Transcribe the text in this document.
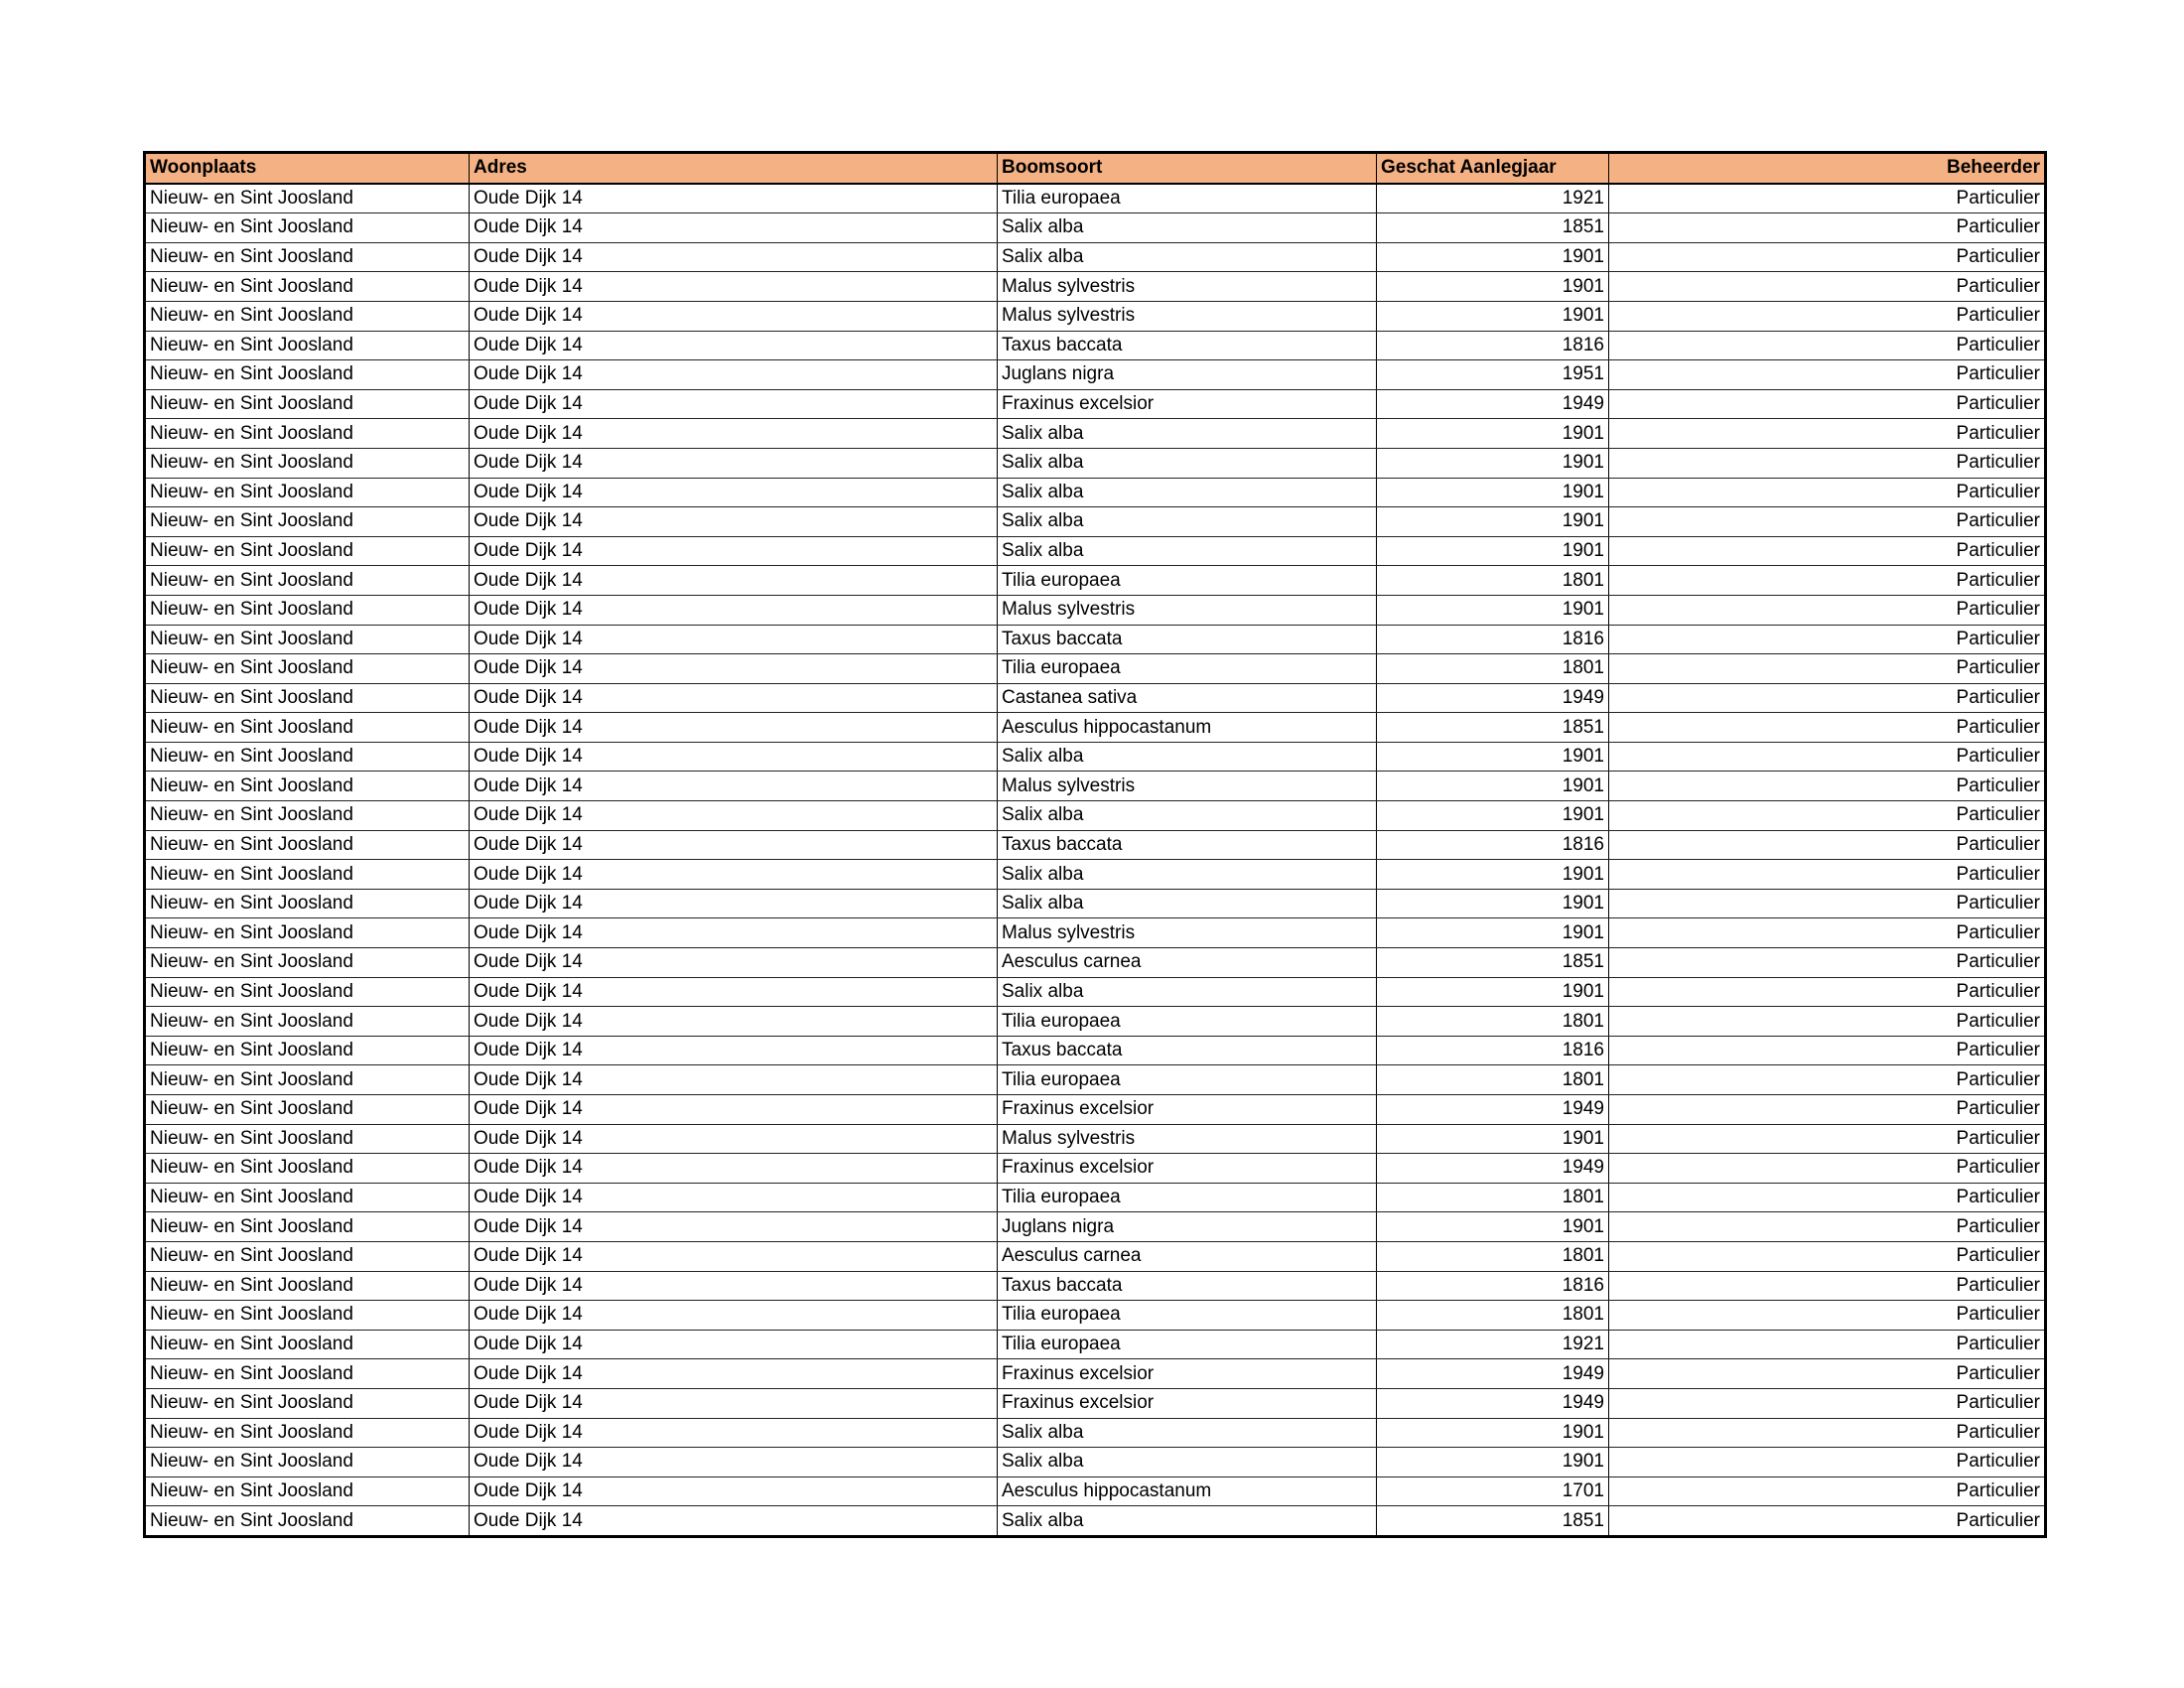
Woonplaats	Adres	Boomsoort	Geschat Aanlegjaar	Beheerder
Nieuw- en Sint Joosland	Oude Dijk 14	Tilia europaea	1921	Particulier
Nieuw- en Sint Joosland	Oude Dijk 14	Salix alba	1851	Particulier
Nieuw- en Sint Joosland	Oude Dijk 14	Salix alba	1901	Particulier
Nieuw- en Sint Joosland	Oude Dijk 14	Malus sylvestris	1901	Particulier
Nieuw- en Sint Joosland	Oude Dijk 14	Malus sylvestris	1901	Particulier
Nieuw- en Sint Joosland	Oude Dijk 14	Taxus baccata	1816	Particulier
Nieuw- en Sint Joosland	Oude Dijk 14	Juglans nigra	1951	Particulier
Nieuw- en Sint Joosland	Oude Dijk 14	Fraxinus excelsior	1949	Particulier
Nieuw- en Sint Joosland	Oude Dijk 14	Salix alba	1901	Particulier
Nieuw- en Sint Joosland	Oude Dijk 14	Salix alba	1901	Particulier
Nieuw- en Sint Joosland	Oude Dijk 14	Salix alba	1901	Particulier
Nieuw- en Sint Joosland	Oude Dijk 14	Salix alba	1901	Particulier
Nieuw- en Sint Joosland	Oude Dijk 14	Salix alba	1901	Particulier
Nieuw- en Sint Joosland	Oude Dijk 14	Tilia europaea	1801	Particulier
Nieuw- en Sint Joosland	Oude Dijk 14	Malus sylvestris	1901	Particulier
Nieuw- en Sint Joosland	Oude Dijk 14	Taxus baccata	1816	Particulier
Nieuw- en Sint Joosland	Oude Dijk 14	Tilia europaea	1801	Particulier
Nieuw- en Sint Joosland	Oude Dijk 14	Castanea sativa	1949	Particulier
Nieuw- en Sint Joosland	Oude Dijk 14	Aesculus hippocastanum	1851	Particulier
Nieuw- en Sint Joosland	Oude Dijk 14	Salix alba	1901	Particulier
Nieuw- en Sint Joosland	Oude Dijk 14	Malus sylvestris	1901	Particulier
Nieuw- en Sint Joosland	Oude Dijk 14	Salix alba	1901	Particulier
Nieuw- en Sint Joosland	Oude Dijk 14	Taxus baccata	1816	Particulier
Nieuw- en Sint Joosland	Oude Dijk 14	Salix alba	1901	Particulier
Nieuw- en Sint Joosland	Oude Dijk 14	Salix alba	1901	Particulier
Nieuw- en Sint Joosland	Oude Dijk 14	Malus sylvestris	1901	Particulier
Nieuw- en Sint Joosland	Oude Dijk 14	Aesculus carnea	1851	Particulier
Nieuw- en Sint Joosland	Oude Dijk 14	Salix alba	1901	Particulier
Nieuw- en Sint Joosland	Oude Dijk 14	Tilia europaea	1801	Particulier
Nieuw- en Sint Joosland	Oude Dijk 14	Taxus baccata	1816	Particulier
Nieuw- en Sint Joosland	Oude Dijk 14	Tilia europaea	1801	Particulier
Nieuw- en Sint Joosland	Oude Dijk 14	Fraxinus excelsior	1949	Particulier
Nieuw- en Sint Joosland	Oude Dijk 14	Malus sylvestris	1901	Particulier
Nieuw- en Sint Joosland	Oude Dijk 14	Fraxinus excelsior	1949	Particulier
Nieuw- en Sint Joosland	Oude Dijk 14	Tilia europaea	1801	Particulier
Nieuw- en Sint Joosland	Oude Dijk 14	Juglans nigra	1901	Particulier
Nieuw- en Sint Joosland	Oude Dijk 14	Aesculus carnea	1801	Particulier
Nieuw- en Sint Joosland	Oude Dijk 14	Taxus baccata	1816	Particulier
Nieuw- en Sint Joosland	Oude Dijk 14	Tilia europaea	1801	Particulier
Nieuw- en Sint Joosland	Oude Dijk 14	Tilia europaea	1921	Particulier
Nieuw- en Sint Joosland	Oude Dijk 14	Fraxinus excelsior	1949	Particulier
Nieuw- en Sint Joosland	Oude Dijk 14	Fraxinus excelsior	1949	Particulier
Nieuw- en Sint Joosland	Oude Dijk 14	Salix alba	1901	Particulier
Nieuw- en Sint Joosland	Oude Dijk 14	Salix alba	1901	Particulier
Nieuw- en Sint Joosland	Oude Dijk 14	Aesculus hippocastanum	1701	Particulier
Nieuw- en Sint Joosland	Oude Dijk 14	Salix alba	1851	Particulier
